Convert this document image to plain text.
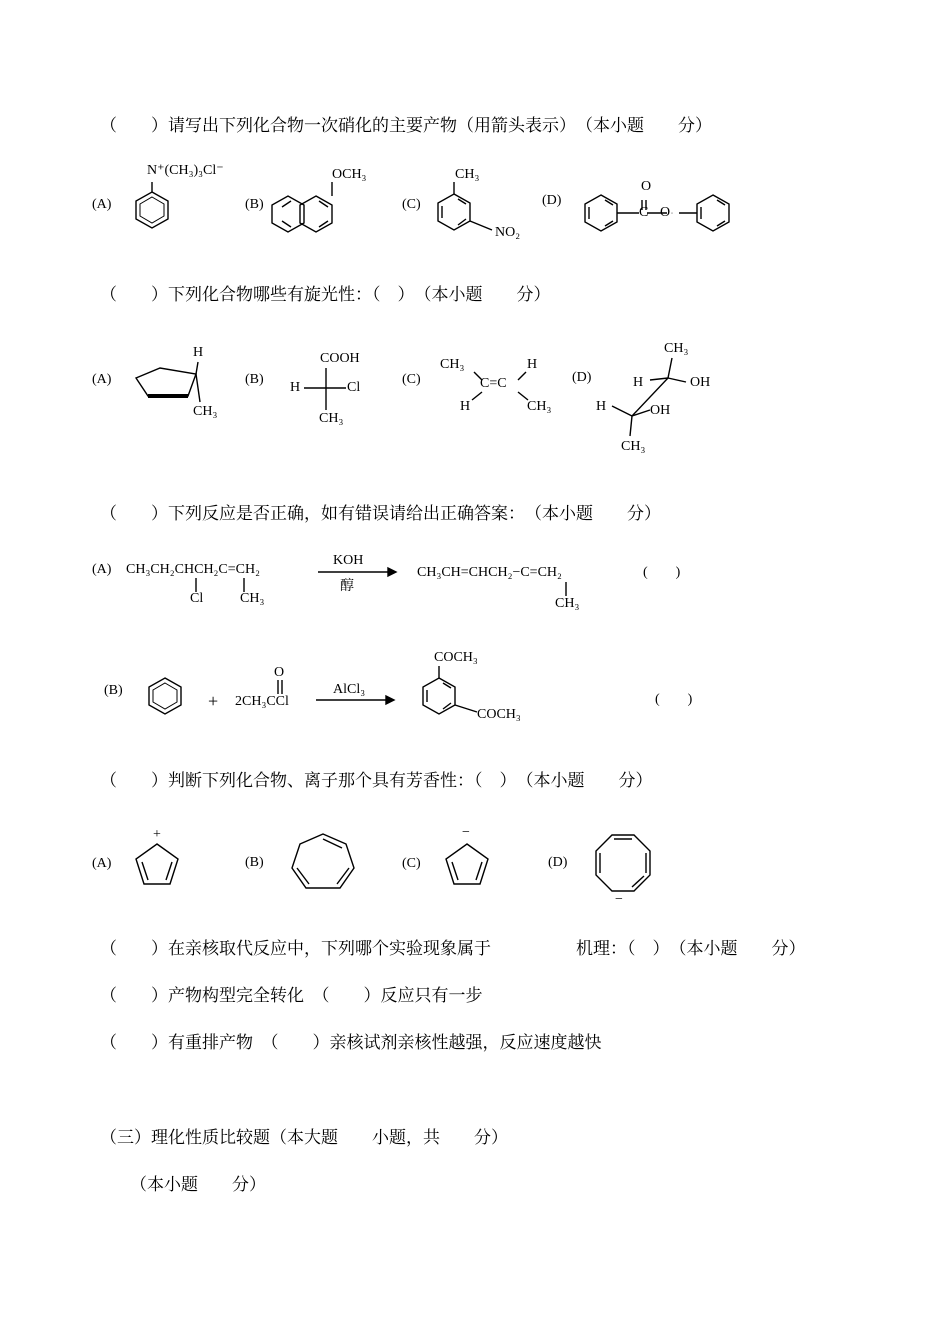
（　　）请写出下列化合物一次硝化的主要产物（用箭头表示）　（本小题　　分）
(A)
N⁺(CH₃)₃Cl⁻
(B)
OCH₃
(C)
CH₃
NO₂
(D)
O
O
C
（　　）下列化合物哪些有旋光性：（　）　（本小题　　分）
(A)
H
CH₃
(B)
COOH
H	Cl
CH₃
(C)
CH₃	H
C=C
H	CH₃
(D)
CH₃
H	OH
H	OH
CH₃
（　　）下列反应是否正确，如有错误请给出正确答案：　（本小题　　分）
(A) CH₃CH₂CHCH₂C=CH₂
Cl	CH₃
KOH
醇
CH₃CH=CHCH₂−C=CH₂
CH₃
(　　)
(B)
+
O
2CH₃CCl
AlCl₃
COCH₃
COCH₃
(　　)
（　　）判断下列化合物、离子那个具有芳香性：（　）　（本小题　　分）
(A)
+
(B)	(C)
−
(D)
−
（　　）在亲核取代反应中，下列哪个实验现象属于　　　　　机理：（　）　（本小题　　分）
（　　）产物构型完全转化　（　　）反应只有一步
（　　）有重排产物　（　　）亲核试剂亲核性越强，反应速度越快
（三）理化性质比较题（本大题　　小题，共　　分）
（本小题　　分）
